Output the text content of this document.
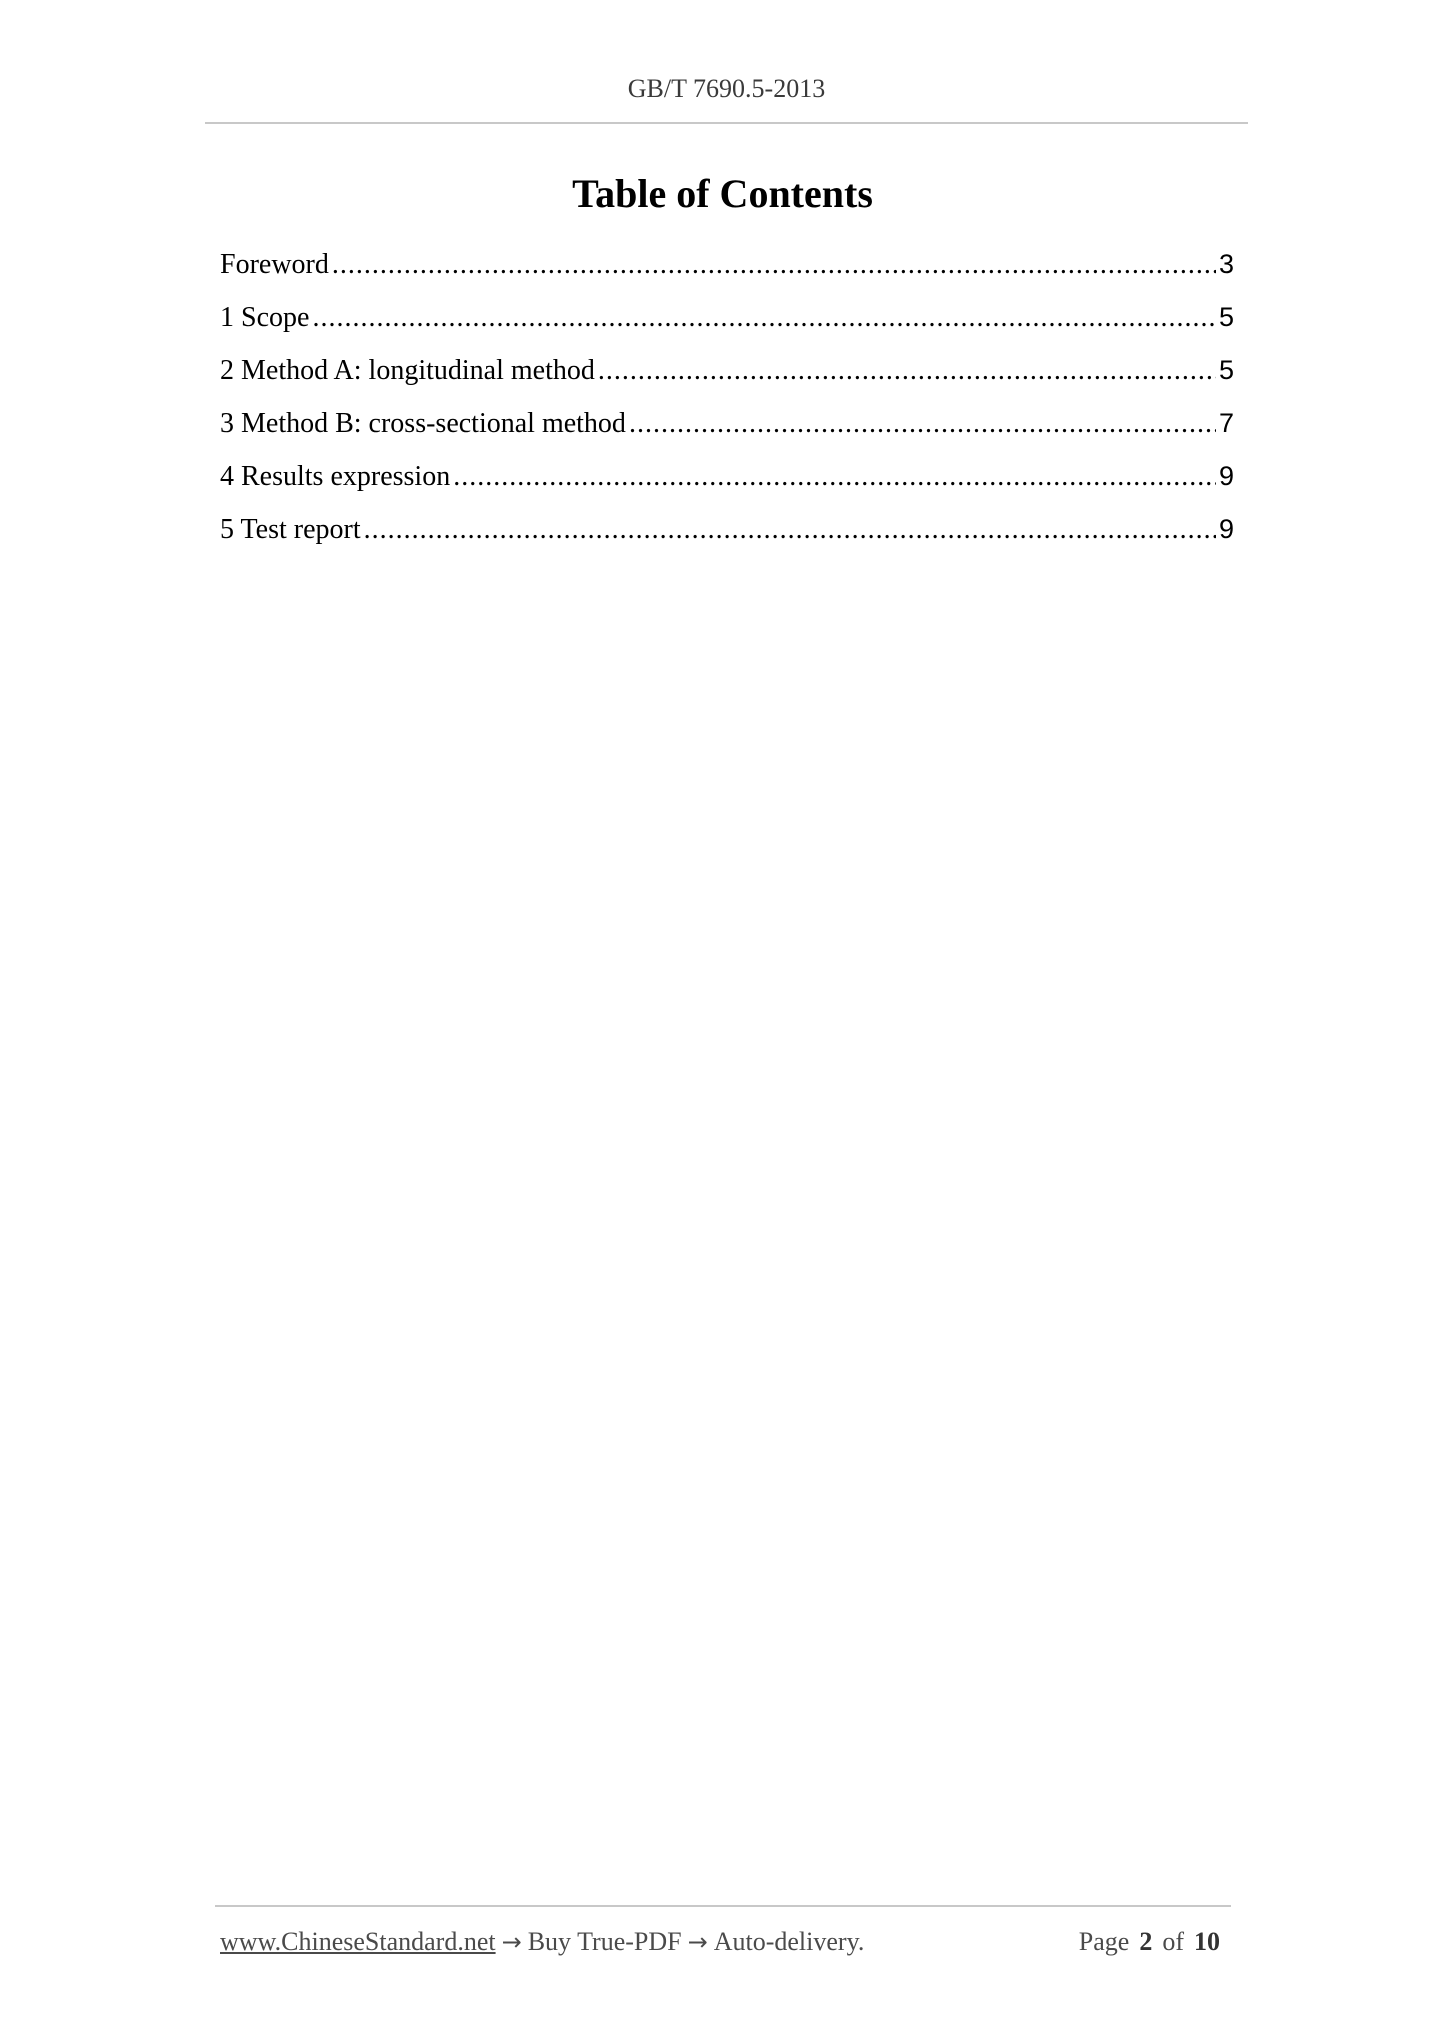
GB/T 7690.5-2013
Table of Contents
Foreword .....	3
1 Scope .....	5
2 Method A: longitudinal method .....	5
3 Method B: cross-sectional method .....	7
4 Results expression .....	9
5 Test report .....	9
www.ChineseStandard.net → Buy True-PDF → Auto-delivery.	Page 2 of 10
